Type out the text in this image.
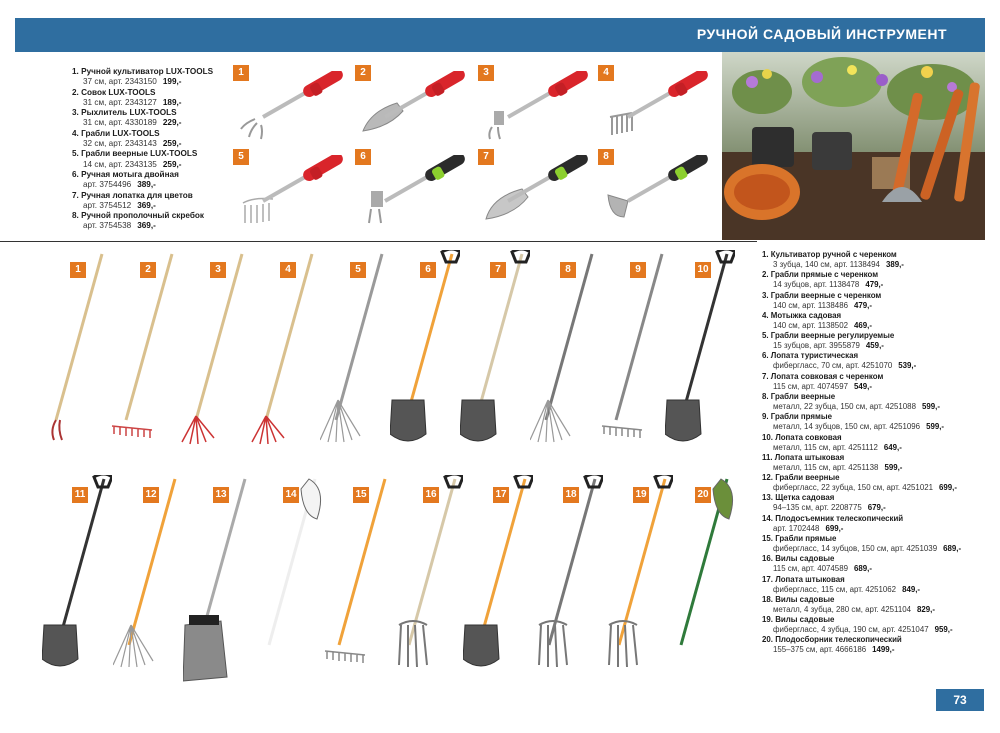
РУЧНОЙ САДОВЫЙ ИНСТРУМЕНТ
1. Ручной культиватор LUX-TOOLS
37 см, арт. 2343150 199,-
2. Совок LUX-TOOLS
31 см, арт. 2343127 189,-
3. Рыхлитель LUX-TOOLS
31 см, арт. 4330189 229,-
4. Грабли LUX-TOOLS
32 см, арт. 2343143 259,-
5. Грабли веерные LUX-TOOLS
14 см, арт. 2343135 259,-
6. Ручная мотыга двойная
арт. 3754496 389,-
7. Ручная лопатка для цветов
арт. 3754512 369,-
8. Ручной прополочный скребок
арт. 3754538 369,-
1	2	3	4
5	6	7	8
1	2	3	4	5	6	7	8	9	10
11	12	13	14	15	16	17	18	19	20
1. Культиватор ручной с черенком
3 зубца, 140 см, арт. 1138494 389,-
2. Грабли прямые с черенком
14 зубцов, арт. 1138478 479,-
3. Грабли веерные с черенком
140 см, арт. 1138486 479,-
4. Мотыжка садовая
140 см, арт. 1138502 469,-
5. Грабли веерные регулируемые
15 зубцов, арт. 3955879 459,-
6. Лопата туристическая
фибергласс, 70 см, арт. 4251070 539,-
7. Лопата совковая с черенком
115 см, арт. 4074597 549,-
8. Грабли веерные
металл, 22 зубца, 150 см, арт. 4251088 599,-
9. Грабли прямые
металл, 14 зубцов, 150 см, арт. 4251096 599,-
10. Лопата совковая
металл, 115 см, арт. 4251112 649,-
11. Лопата штыковая
металл, 115 см, арт. 4251138 599,-
12. Грабли веерные
фибергласс, 22 зубца, 150 см, арт. 4251021 699,-
13. Щетка садовая
94–135 см, арт. 2208775 679,-
14. Плодосъемник телескопический
арт. 1702448 699,-
15. Грабли прямые
фибергласс, 14 зубцов, 150 см, арт. 4251039 689,-
16. Вилы садовые
115 см, арт. 4074589 689,-
17. Лопата штыковая
фибергласс, 115 см, арт. 4251062 849,-
18. Вилы садовые
металл, 4 зубца, 280 см, арт. 4251104 829,-
19. Вилы садовые
фибергласс, 4 зубца, 190 см, арт. 4251047 959,-
20. Плодосборник телескопический
155–375 см, арт. 4666186 1499,-
73
